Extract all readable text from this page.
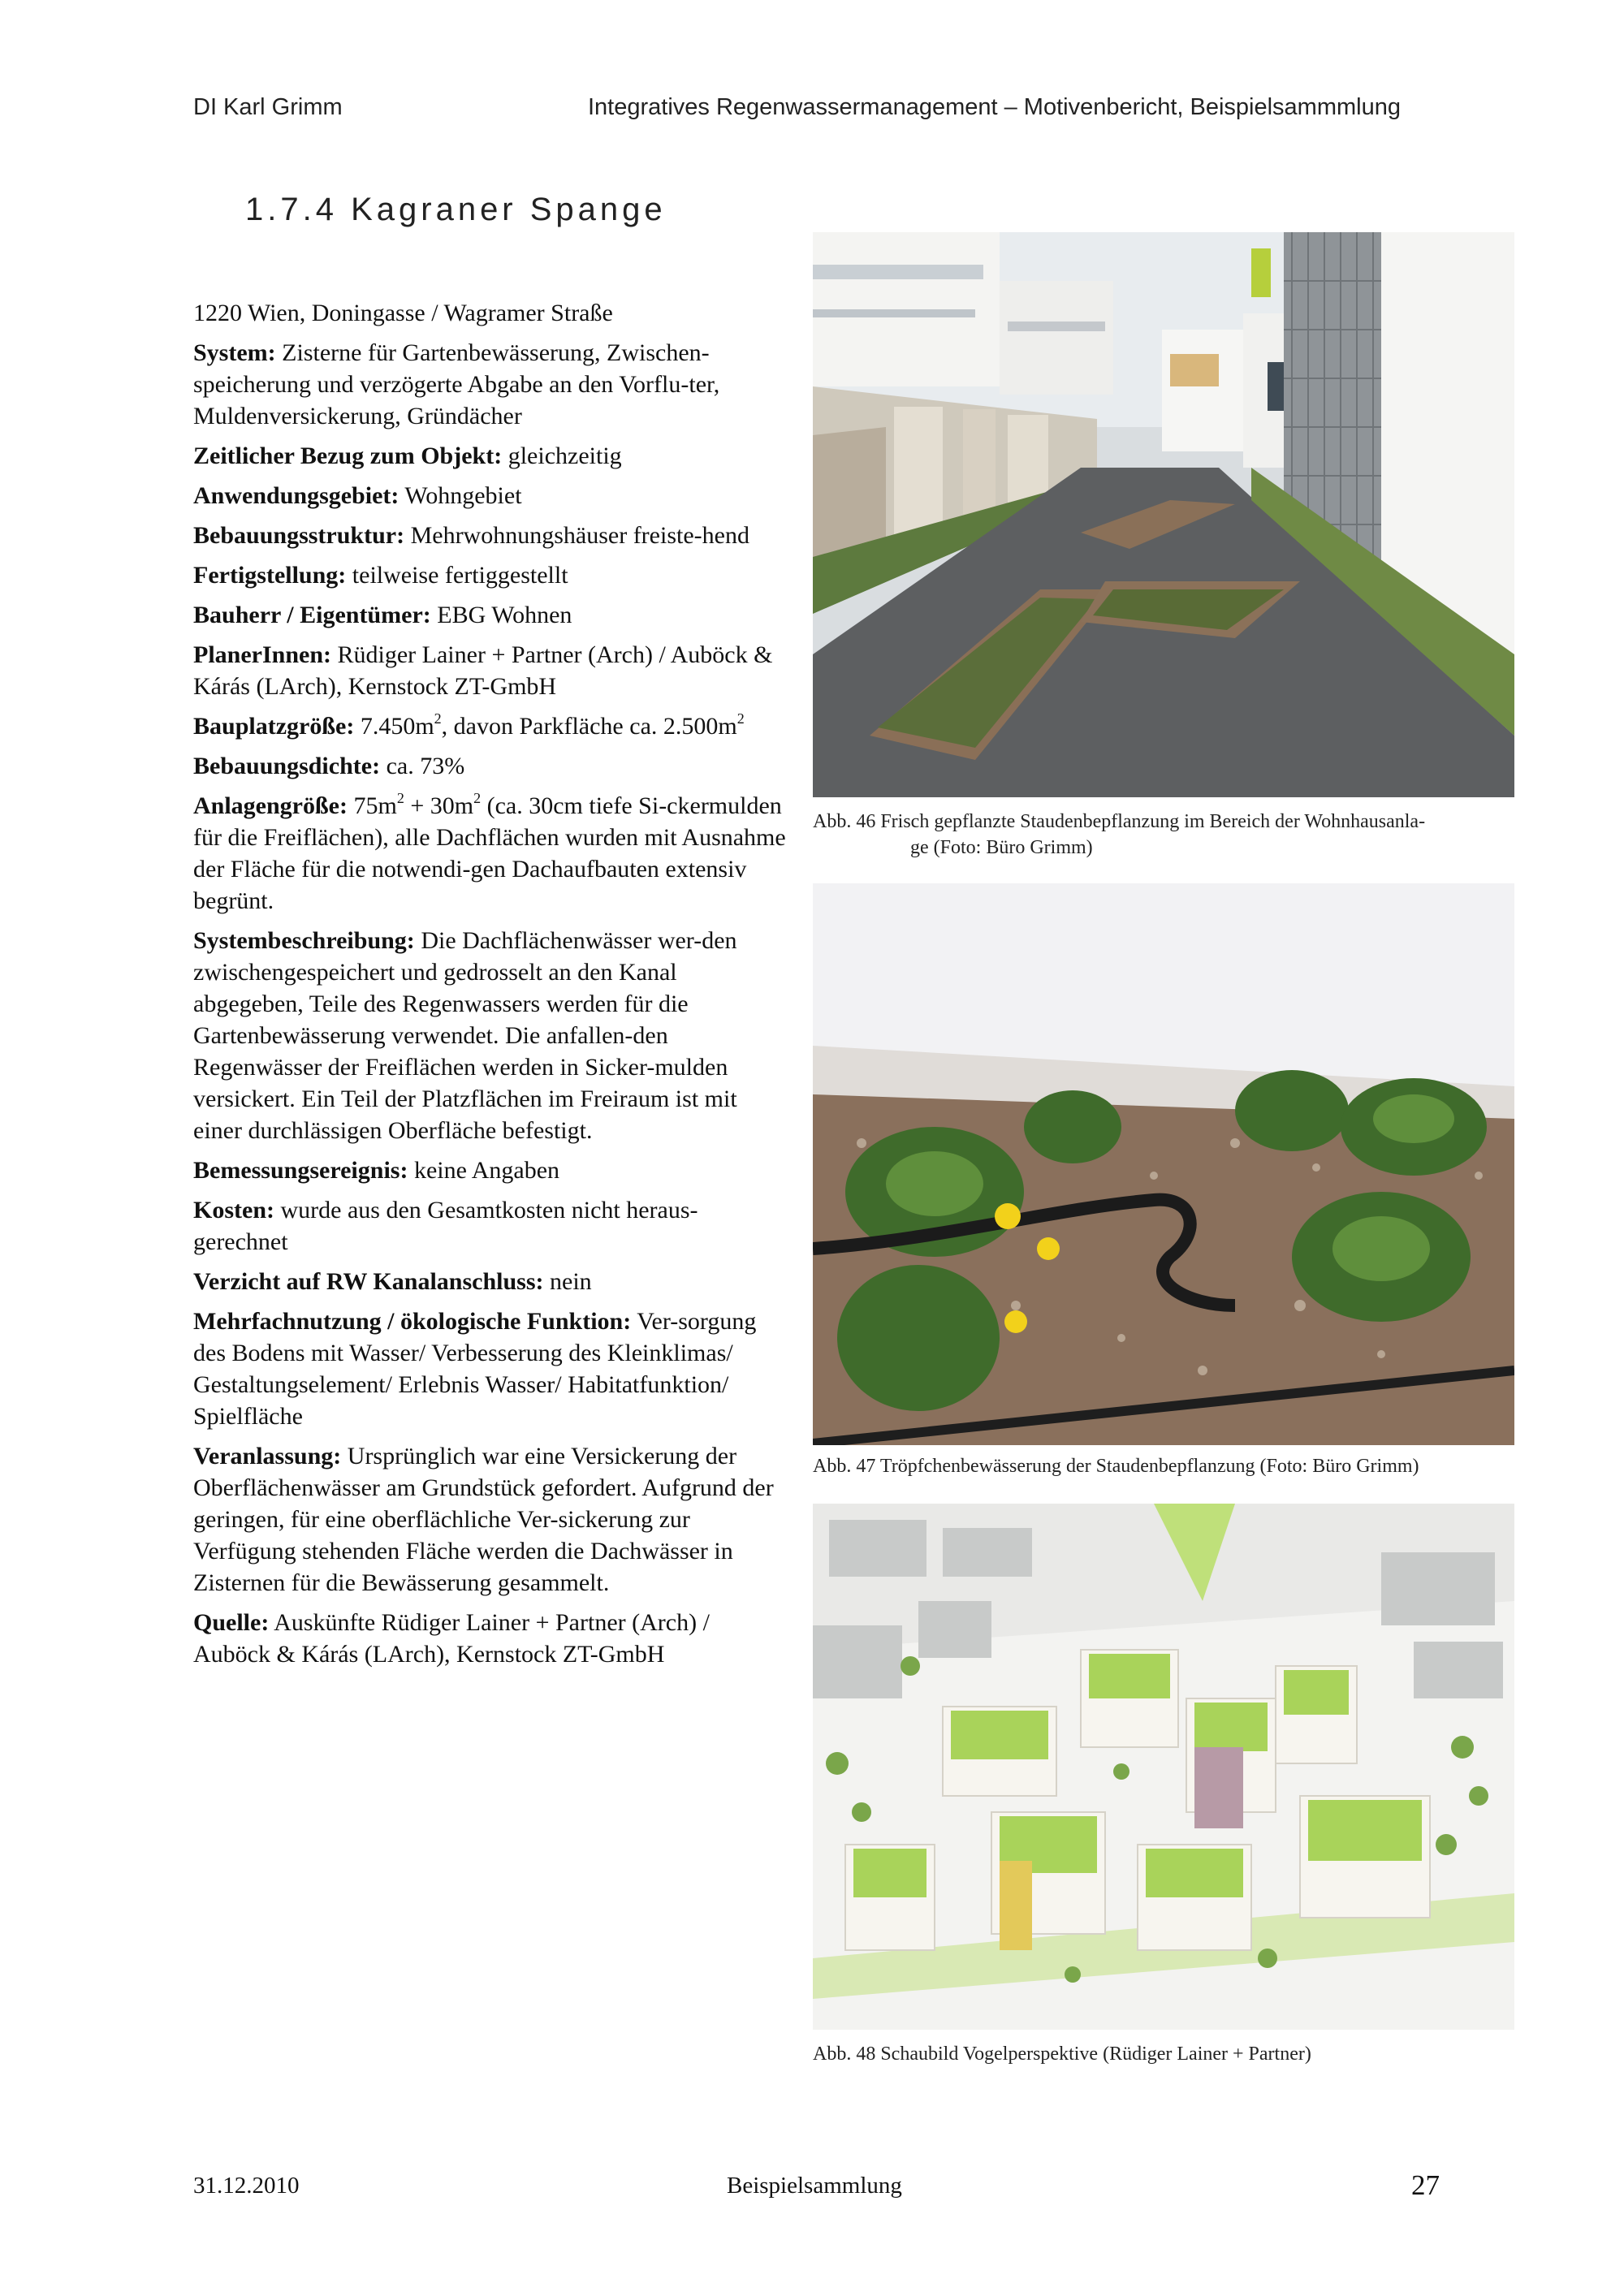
DI Karl Grimm	Integratives Regenwassermanagement – Motivenbericht, Beispielsammmlung
1.7.4 Kagraner Spange
1220 Wien, Doningasse / Wagramer Straße
System: Zisterne für Gartenbewässerung, Zwischen-speicherung und verzögerte Abgabe an den Vorflu-ter, Muldenversickerung, Gründächer
Zeitlicher Bezug zum Objekt: gleichzeitig
Anwendungsgebiet: Wohngebiet
Bebauungsstruktur: Mehrwohnungshäuser freiste-hend
Fertigstellung: teilweise fertiggestellt
Bauherr / Eigentümer: EBG Wohnen
PlanerInnen: Rüdiger Lainer + Partner (Arch) / Auböck & Kárás (LArch), Kernstock ZT-GmbH
Bauplatzgröße: $7.450m^2$, davon Parkfläche ca. $2.500m^2$
Bebauungsdichte: ca. 73%
Anlagengröße: $75m^2 + 30m^2$ (ca. 30cm tiefe Si-ckermulden für die Freiflächen), alle Dachflächen wurden mit Ausnahme der Fläche für die notwendi-gen Dachaufbauten extensiv begrünt.
Systembeschreibung: Die Dachflächenwässer wer-den zwischengespeichert und gedrosselt an den Kanal abgegeben, Teile des Regenwassers werden für die Gartenbewässerung verwendet. Die anfallen-den Regenwässer der Freiflächen werden in Sicker-mulden versickert. Ein Teil der Platzflächen im Freiraum ist mit einer durchlässigen Oberfläche befestigt.
Bemessungsereignis: keine Angaben
Kosten: wurde aus den Gesamtkosten nicht heraus-gerechnet
Verzicht auf RW Kanalanschluss: nein
Mehrfachnutzung / ökologische Funktion: Ver-sorgung des Bodens mit Wasser/ Verbesserung des Kleinklimas/ Gestaltungselement/ Erlebnis Wasser/ Habitatfunktion/ Spielfläche
Veranlassung: Ursprünglich war eine Versickerung der Oberflächenwässer am Grundstück gefordert. Aufgrund der geringen, für eine oberflächliche Ver-sickerung zur Verfügung stehenden Fläche werden die Dachwässer in Zisternen für die Bewässerung gesammelt.
Quelle: Auskünfte Rüdiger Lainer + Partner (Arch) / Auböck & Kárás (LArch), Kernstock ZT-GmbH
Abb. 46 Frisch gepflanzte Staudenbepflanzung im Bereich der Wohnhausanla-
ge (Foto: Büro Grimm)
Abb. 47 Tröpfchenbewässerung der Staudenbepflanzung (Foto: Büro Grimm)
Abb. 48 Schaubild Vogelperspektive (Rüdiger Lainer + Partner)
31.12.2010	Beispielsammlung	27
